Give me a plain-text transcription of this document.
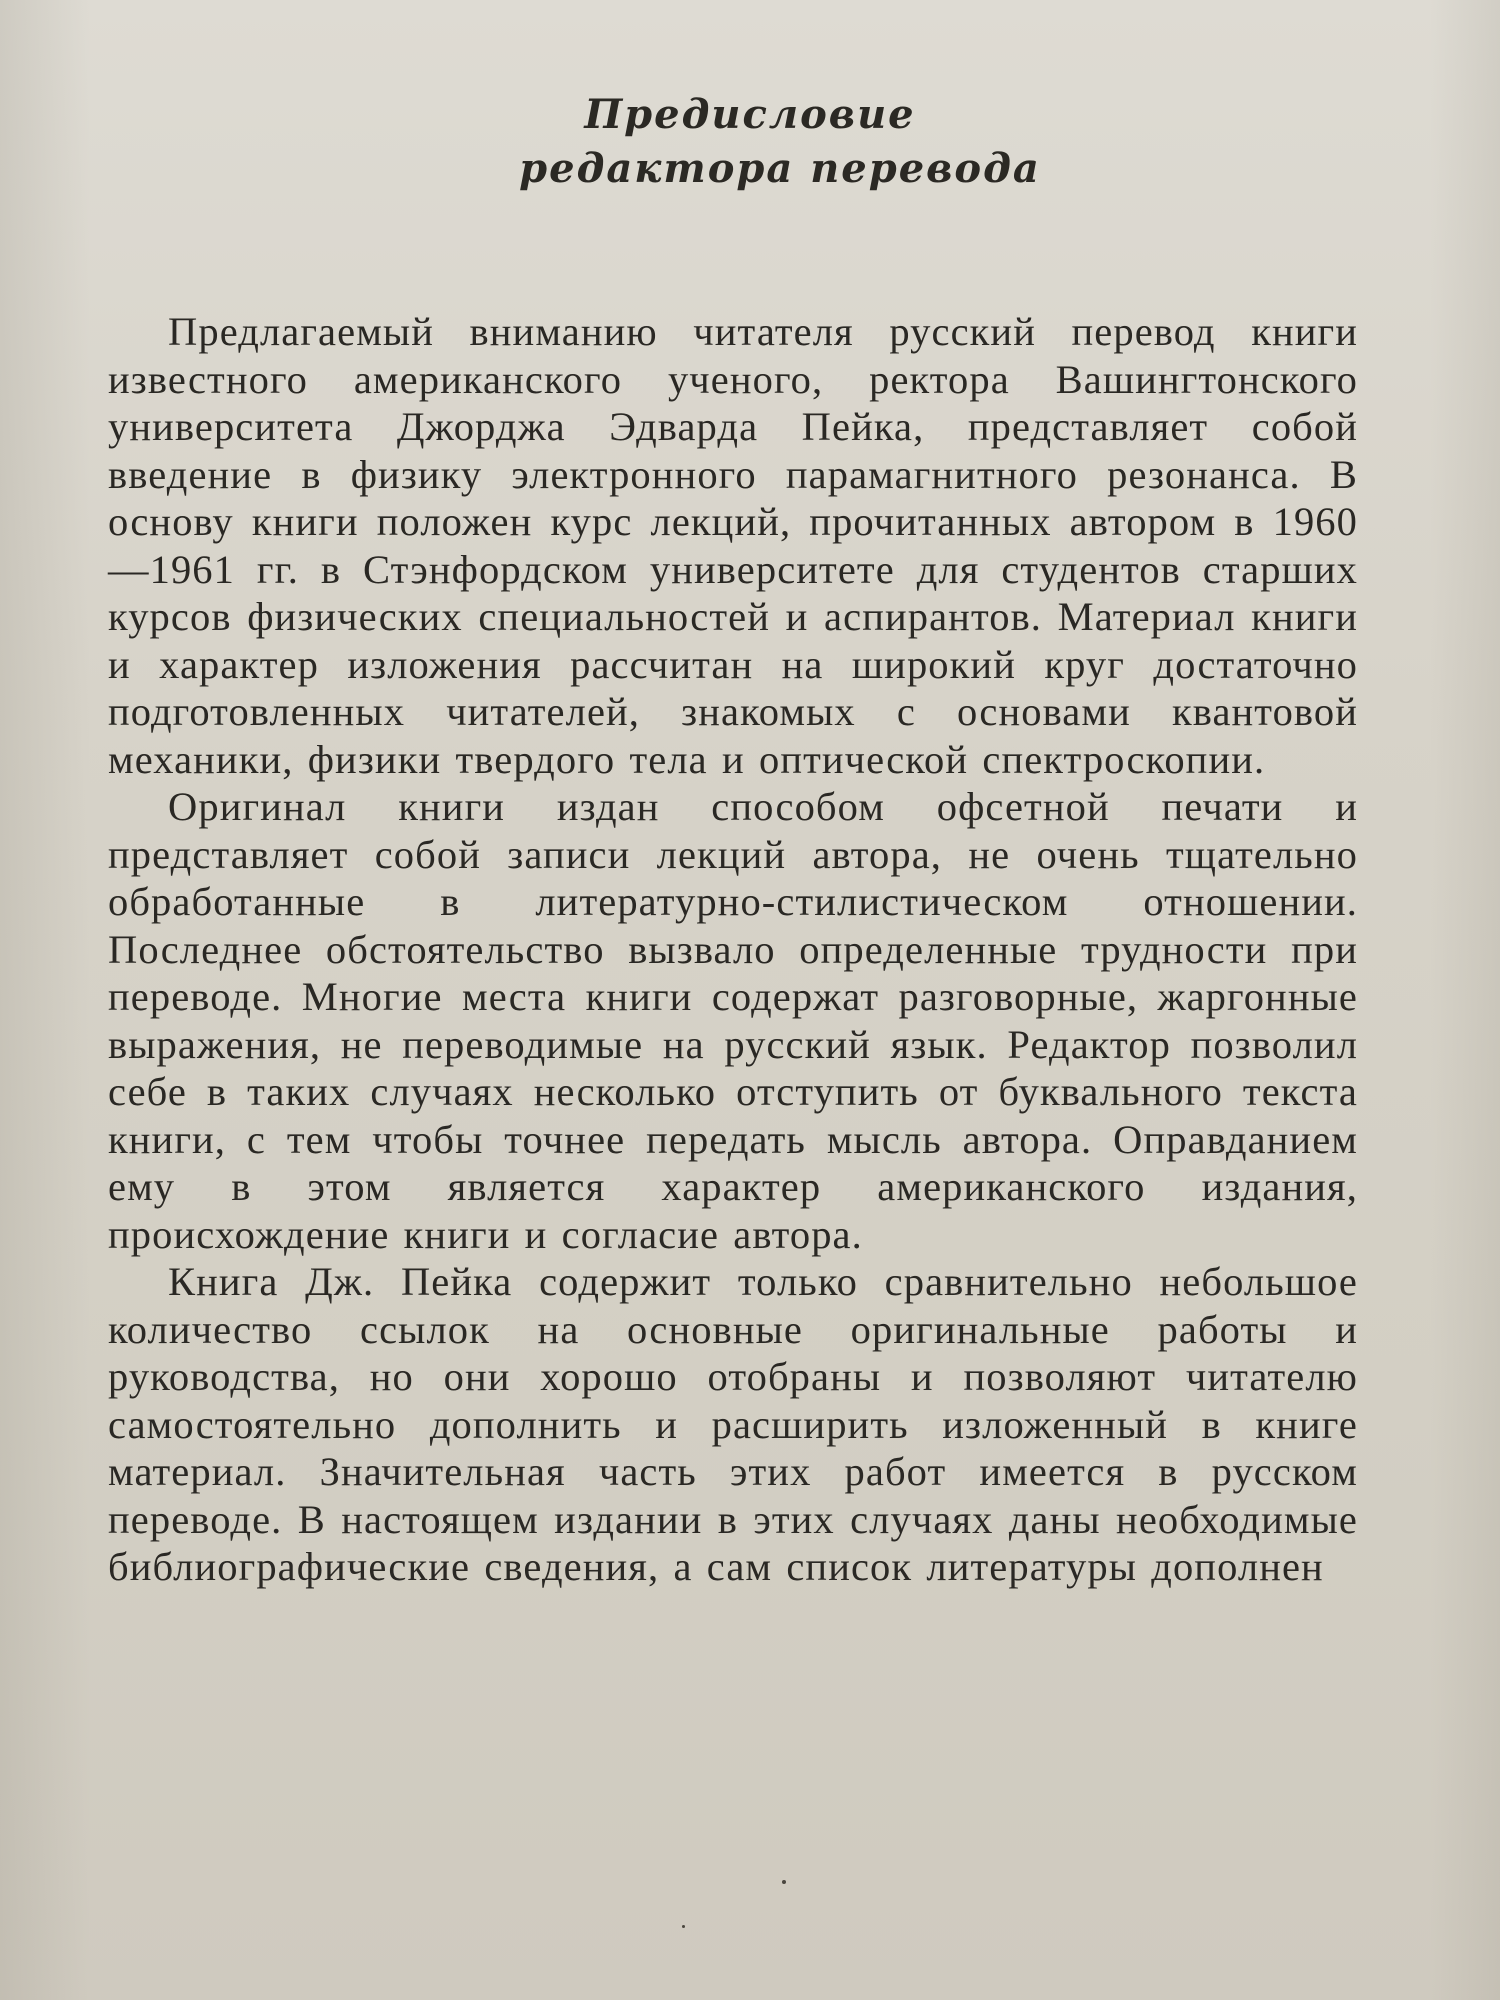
Предисловие
редактора перевода

Предлагаемый вниманию читателя русский перевод книги известного американского ученого, ректора Вашингтонского университета Джорджа Эдварда Пейка, представляет собой введение в физику электронного парамагнитного резонанса. В основу книги положен курс лекций, прочитанных автором в 1960—1961 гг. в Стэнфордском университете для студентов старших курсов физических специальностей и аспирантов. Материал книги и характер изложения рассчитан на широкий круг достаточно подготовленных читателей, знакомых с основами квантовой механики, физики твердого тела и оптической спектроскопии.

Оригинал книги издан способом офсетной печати и представляет собой записи лекций автора, не очень тщательно обработанные в литературно-стилистическом отношении. Последнее обстоятельство вызвало определенные трудности при переводе. Многие места книги содержат разговорные, жаргонные выражения, не переводимые на русский язык. Редактор позволил себе в таких случаях несколько отступить от буквального текста книги, с тем чтобы точнее передать мысль автора. Оправданием ему в этом является характер американского издания, происхождение книги и согласие автора.

Книга Дж. Пейка содержит только сравнительно небольшое количество ссылок на основные оригинальные работы и руководства, но они хорошо отобраны и позволяют читателю самостоятельно дополнить и расширить изложенный в книге материал. Значительная часть этих работ имеется в русском переводе. В настоящем издании в этих случаях даны необходимые библиографические сведения, а сам список литературы дополнен
